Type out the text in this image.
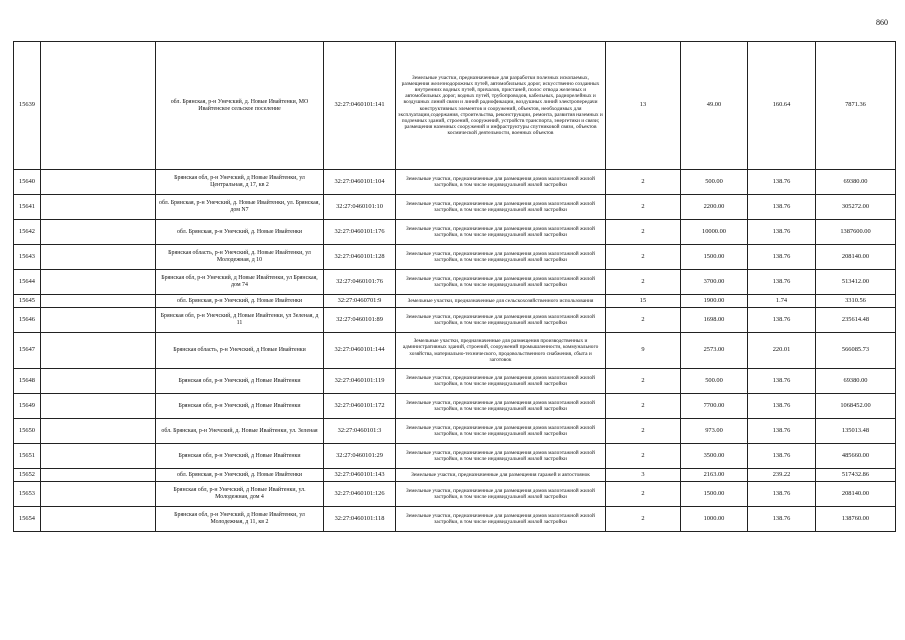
860
15639		обл. Брянская, р-н Унечский, д. Новые Ивайтенки, МО Ивайтенское сельское поселение	32:27:0460101:141	Земельные участки, предназначенные для разработки полезных ископаемых, размещения железнодорожных путей, автомобильных дорог, искусственно созданных внутренних водных путей, причалов, пристаней, полос отвода железных и автомобильных дорог, водных путей, трубопроводов, кабельных, радиорелейных и воздушных линий связи и линий радиофикации, воздушных линий электропередачи конструктивных элементов и сооружений, объектов, необходимых для эксплуатации,содержания, строительства, реконструкции, ремонта, развития наземных и подземных зданий, строений, сооружений, устройств транспорта, энергетики и связи; размещения наземных сооружений и инфраструктуры спутниковой связи, объектов космической деятельности, военных объектов	13	49.00	160.64	7871.36
15640		Брянская обл, р-н Унечский, д Новые Ивайтенки, ул Центральная, д 17, кв 2	32:27:0460101:104	Земельные участки, предназначенные для размещения домов малоэтажной жилой застройки, в том числе индивидуальной жилой застройки	2	500.00	138.76	69380.00
15641		обл. Брянская, р-н Унечский, д. Новые Ивайтенки, ул. Брянская, дом N7	32:27:0460101:10	Земельные участки, предназначенные для размещения домов малоэтажной жилой застройки, в том числе индивидуальной жилой застройки	2	2200.00	138.76	305272.00
15642		обл. Брянская, р-н Унечский, д. Новые Ивайтенки	32:27:0460101:176	Земельные участки, предназначенные для размещения домов малоэтажной жилой застройки, в том числе индивидуальной жилой застройки	2	10000.00	138.76	1387600.00
15643		Брянская область, р-н Унечский, д. Новые Ивайтенки, ул Молодежная, д 10	32:27:0460101:128	Земельные участки, предназначенные для размещения домов малоэтажной жилой застройки, в том числе индивидуальной жилой застройки	2	1500.00	138.76	208140.00
15644		Брянская обл, р-н Унечский, д Новые Ивайтенки, ул Брянская, дом 74	32:27:0460101:76	Земельные участки, предназначенные для размещения домов малоэтажной жилой застройки, в том числе индивидуальной жилой застройки	2	3700.00	138.76	513412.00
15645		обл. Брянская, р-н Унечский, д. Новые Ивайтенки	32:27:0460701:9	Земельные участки, предназначенные для сельскохозяйственного использования	15	1900.00	1.74	3310.56
15646		Брянская обл, р-н Унечский, д Новые Ивайтенки, ул Зеленая, д 11	32:27:0460101:89	Земельные участки, предназначенные для размещения домов малоэтажной жилой застройки, в том числе индивидуальной жилой застройки	2	1698.00	138.76	235614.48
15647		Брянская область, р-н Унечский, д Новые Ивайтенки	32:27:0460101:144	Земельные участки, предназначенные для размещения производственных и административных зданий, строений, сооружений промышленности, коммунального хозяйства, материально-технического, продовольственного снабжения, сбыта и заготовок	9	2573.00	220.01	566085.73
15648		Брянская обл, р-н Унечский, д Новые Ивайтенки	32:27:0460101:119	Земельные участки, предназначенные для размещения домов малоэтажной жилой застройки, в том числе индивидуальной жилой застройки	2	500.00	138.76	69380.00
15649		Брянская обл, р-н Унечский, д Новые Ивайтенки	32:27:0460101:172	Земельные участки, предназначенные для размещения домов малоэтажной жилой застройки, в том числе индивидуальной жилой застройки	2	7700.00	138.76	1068452.00
15650		обл. Брянская, р-н Унечский, д. Новые Ивайтенки, ул. Зеленая	32:27:0460101:3	Земельные участки, предназначенные для размещения домов малоэтажной жилой застройки, в том числе индивидуальной жилой застройки	2	973.00	138.76	135013.48
15651		Брянская обл, р-н Унечский, д Новые Ивайтенки	32:27:0460101:29	Земельные участки, предназначенные для размещения домов малоэтажной жилой застройки, в том числе индивидуальной жилой застройки	2	3500.00	138.76	485660.00
15652		обл. Брянская, р-н Унечский, д. Новые Ивайтенки	32:27:0460101:143	Земельные участки, предназначенные для размещения гаражей и автостоянок	3	2163.00	239.22	517432.86
15653		Брянская обл, р-н Унечский, д Новые Ивайтенки, ул. Молодежная, дом 4	32:27:0460101:126	Земельные участки, предназначенные для размещения домов малоэтажной жилой застройки, в том числе индивидуальной жилой застройки	2	1500.00	138.76	208140.00
15654		Брянская обл, р-н Унечский, д Новые Ивайтенки, ул Молодежная, д 11, кв 2	32:27:0460101:118	Земельные участки, предназначенные для размещения домов малоэтажной жилой застройки, в том числе индивидуальной жилой застройки	2	1000.00	138.76	138760.00
